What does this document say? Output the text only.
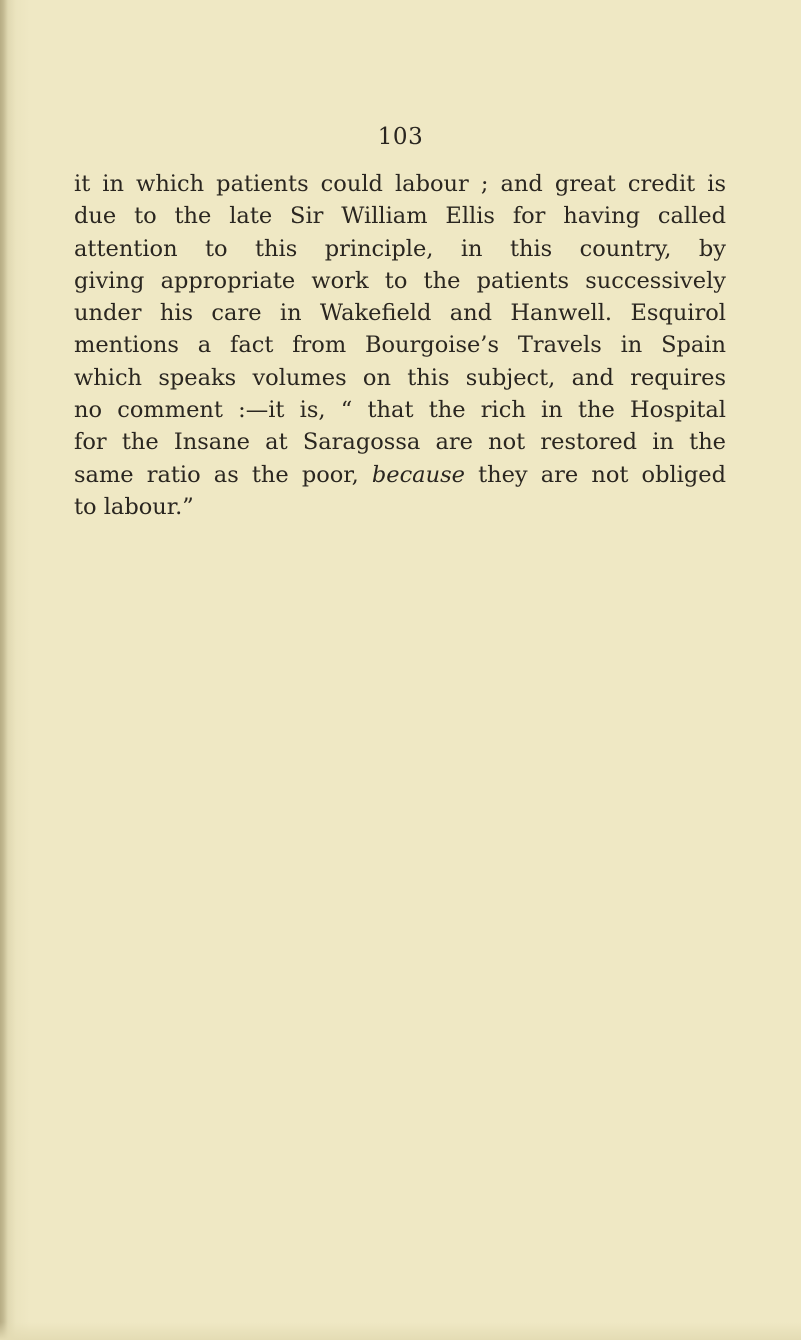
103
it in which patients could labour ; and great credit is
due to the late Sir William Ellis for having called
attention to this principle, in this country, by
giving appropriate work to the patients successively
under his care in Wakefield and Hanwell. Esquirol
mentions a fact from Bourgoise’s Travels in Spain
which speaks volumes on this subject, and requires
no comment :—it is, “ that the rich in the Hospital
for the Insane at Saragossa are not restored in the
same ratio as the poor, because they are not obliged
to labour.”
